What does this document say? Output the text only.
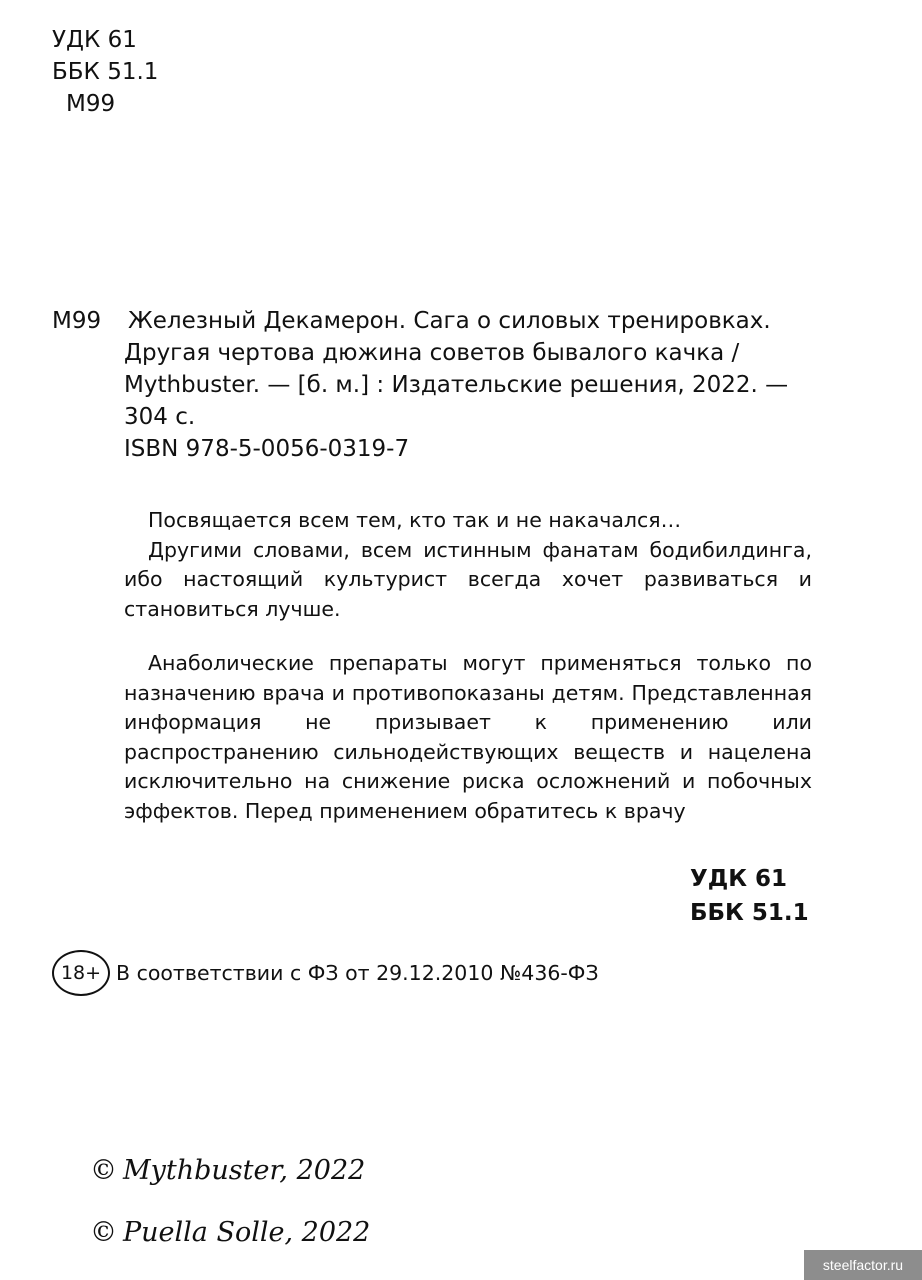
УДК 61
ББК 51.1
М99
М99 Железный Декамерон. Сага о силовых тренировках.
Другая чертова дюжина советов бывалого качка /
Mythbuster. — [б. м.] : Издательские решения, 2022. —
304 с.
ISBN 978-5-0056-0319-7

Посвящается всем тем, кто так и не накачался…

Другими словами, всем истинным фанатам бодибилдинга, ибо настоящий культурист всегда хочет развиваться и становиться лучше.

Анаболические препараты могут применяться только по назначению врача и противопоказаны детям. Представленная информация не призывает к применению или распространению сильнодействующих веществ и нацелена исключительно на снижение риска осложнений и побочных эффектов. Перед применением обратитесь к врачу

УДК 61
ББК 51.1
18+ В соответствии с ФЗ от 29.12.2010 №436-ФЗ
© Mythbuster, 2022
© Puella Solle, 2022
steelfactor.ru
